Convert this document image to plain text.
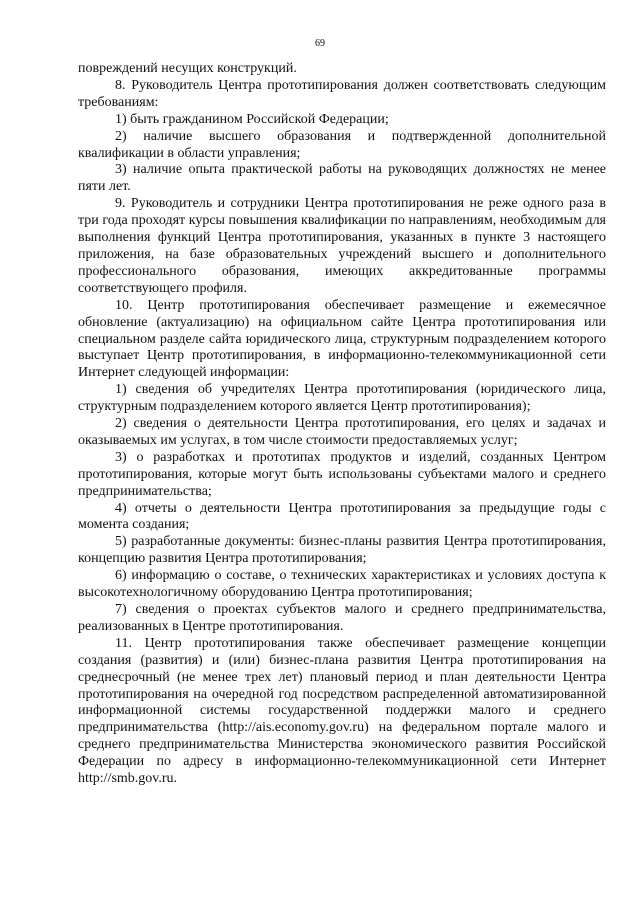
69

повреждений несущих конструкций.

8. Руководитель Центра прототипирования должен соответствовать следующим требованиям:

1) быть гражданином Российской Федерации;

2) наличие высшего образования и подтвержденной дополнительной квалификации в области управления;

3) наличие опыта практической работы на руководящих должностях не менее пяти лет.

9. Руководитель и сотрудники Центра прототипирования не реже одного раза в три года проходят курсы повышения квалификации по направлениям, необходимым для выполнения функций Центра прототипирования, указанных в пункте 3 настоящего приложения, на базе образовательных учреждений высшего и дополнительного профессионального образования, имеющих аккредитованные программы соответствующего профиля.

10. Центр прототипирования обеспечивает размещение и ежемесячное обновление (актуализацию) на официальном сайте Центра прототипирования или специальном разделе сайта юридического лица, структурным подразделением которого выступает Центр прототипирования, в информационно-телекоммуникационной сети Интернет следующей информации:

1) сведения об учредителях Центра прототипирования (юридического лица, структурным подразделением которого является Центр прототипирования);

2) сведения о деятельности Центра прототипирования, его целях и задачах и оказываемых им услугах, в том числе стоимости предоставляемых услуг;

3) о разработках и прототипах продуктов и изделий, созданных Центром прототипирования, которые могут быть использованы субъектами малого и среднего предпринимательства;

4) отчеты о деятельности Центра прототипирования за предыдущие годы с момента создания;

5) разработанные документы: бизнес-планы развития Центра прототипирования, концепцию развития Центра прототипирования;

6) информацию о составе, о технических характеристиках и условиях доступа к высокотехнологичному оборудованию Центра прототипирования;

7) сведения о проектах субъектов малого и среднего предпринимательства, реализованных в Центре прототипирования.

11. Центр прототипирования также обеспечивает размещение концепции создания (развития) и (или) бизнес-плана развития Центра прототипирования на среднесрочный (не менее трех лет) плановый период и план деятельности Центра прототипирования на очередной год посредством распределенной автоматизированной информационной системы государственной поддержки малого и среднего предпринимательства (http://ais.economy.gov.ru) на федеральном портале малого и среднего предпринимательства Министерства экономического развития Российской Федерации по адресу в информационно-телекоммуникационной сети Интернет http://smb.gov.ru.
